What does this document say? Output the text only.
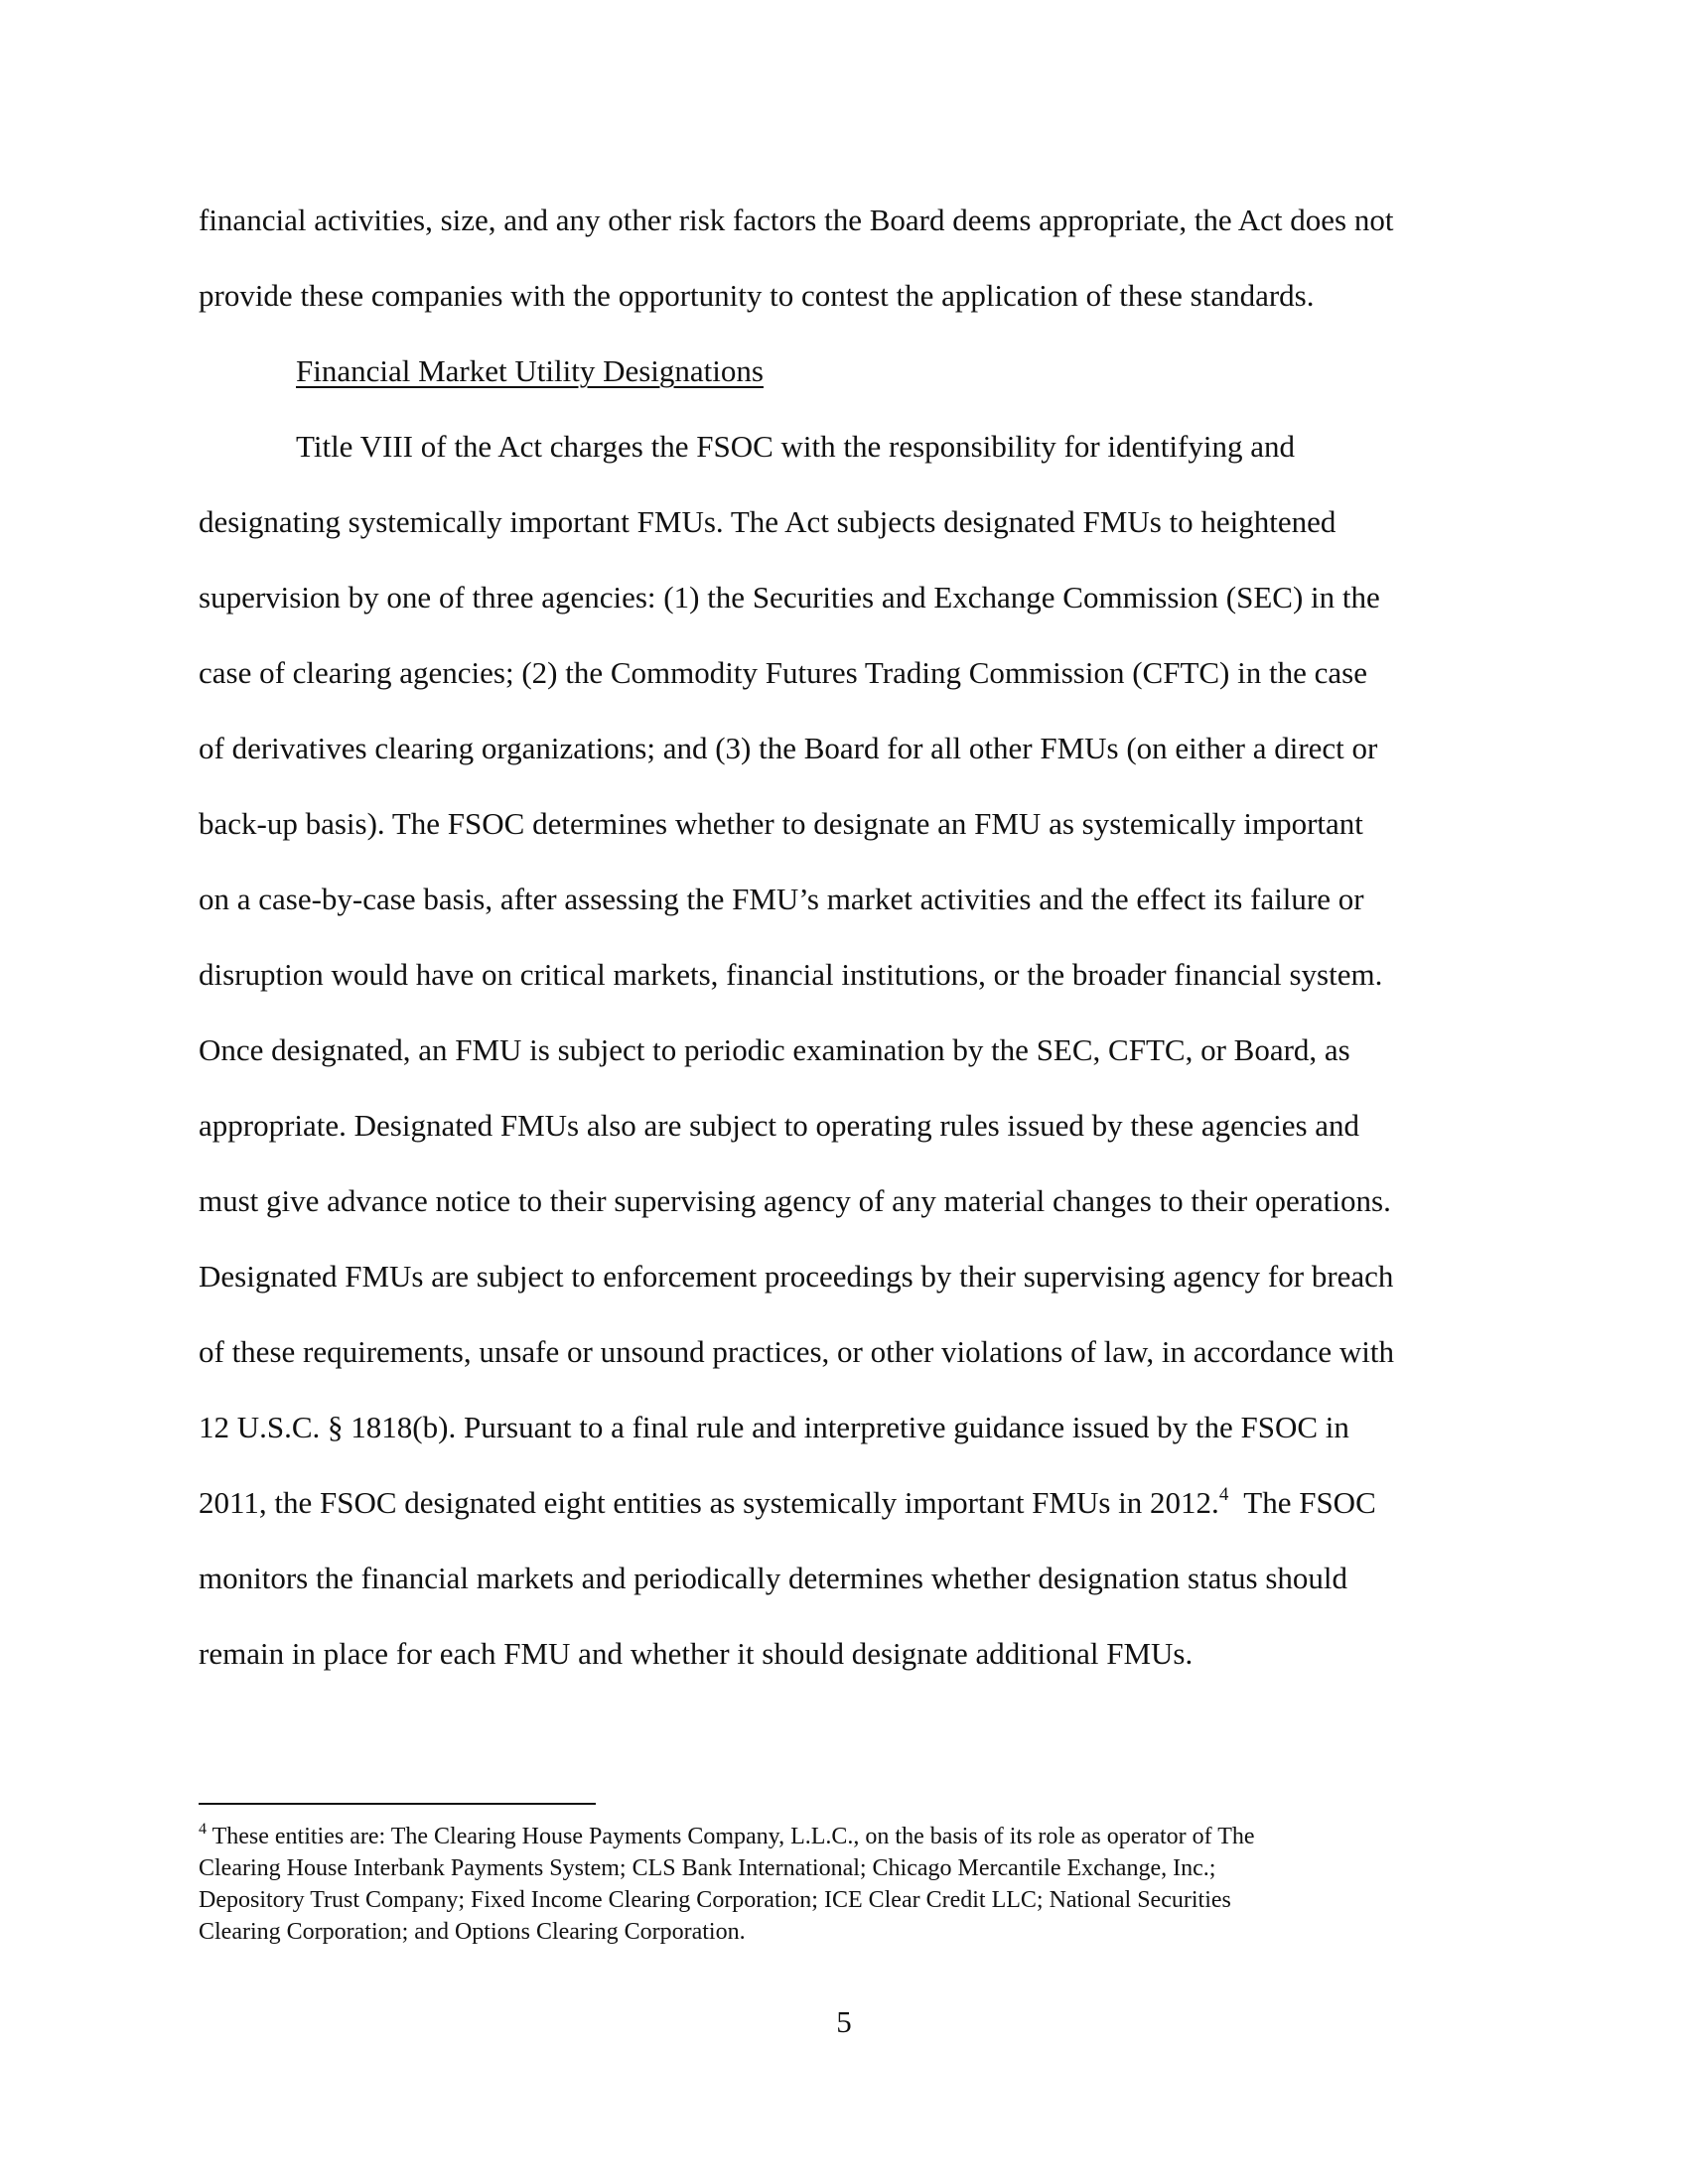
financial activities, size, and any other risk factors the Board deems appropriate, the Act does not

provide these companies with the opportunity to contest the application of these standards.

Financial Market Utility Designations

Title VIII of the Act charges the FSOC with the responsibility for identifying and

designating systemically important FMUs. The Act subjects designated FMUs to heightened

supervision by one of three agencies: (1) the Securities and Exchange Commission (SEC) in the

case of clearing agencies; (2) the Commodity Futures Trading Commission (CFTC) in the case

of derivatives clearing organizations; and (3) the Board for all other FMUs (on either a direct or

back-up basis). The FSOC determines whether to designate an FMU as systemically important

on a case-by-case basis, after assessing the FMU’s market activities and the effect its failure or

disruption would have on critical markets, financial institutions, or the broader financial system.

Once designated, an FMU is subject to periodic examination by the SEC, CFTC, or Board, as

appropriate. Designated FMUs also are subject to operating rules issued by these agencies and

must give advance notice to their supervising agency of any material changes to their operations.

Designated FMUs are subject to enforcement proceedings by their supervising agency for breach

of these requirements, unsafe or unsound practices, or other violations of law, in accordance with

12 U.S.C. § 1818(b). Pursuant to a final rule and interpretive guidance issued by the FSOC in

2011, the FSOC designated eight entities as systemically important FMUs in 2012.$^4$  The FSOC

monitors the financial markets and periodically determines whether designation status should

remain in place for each FMU and whether it should designate additional FMUs.

$^4$ These entities are: The Clearing House Payments Company, L.L.C., on the basis of its role as operator of The

Clearing House Interbank Payments System; CLS Bank International; Chicago Mercantile Exchange, Inc.;

Depository Trust Company; Fixed Income Clearing Corporation; ICE Clear Credit LLC; National Securities

Clearing Corporation; and Options Clearing Corporation.

5
